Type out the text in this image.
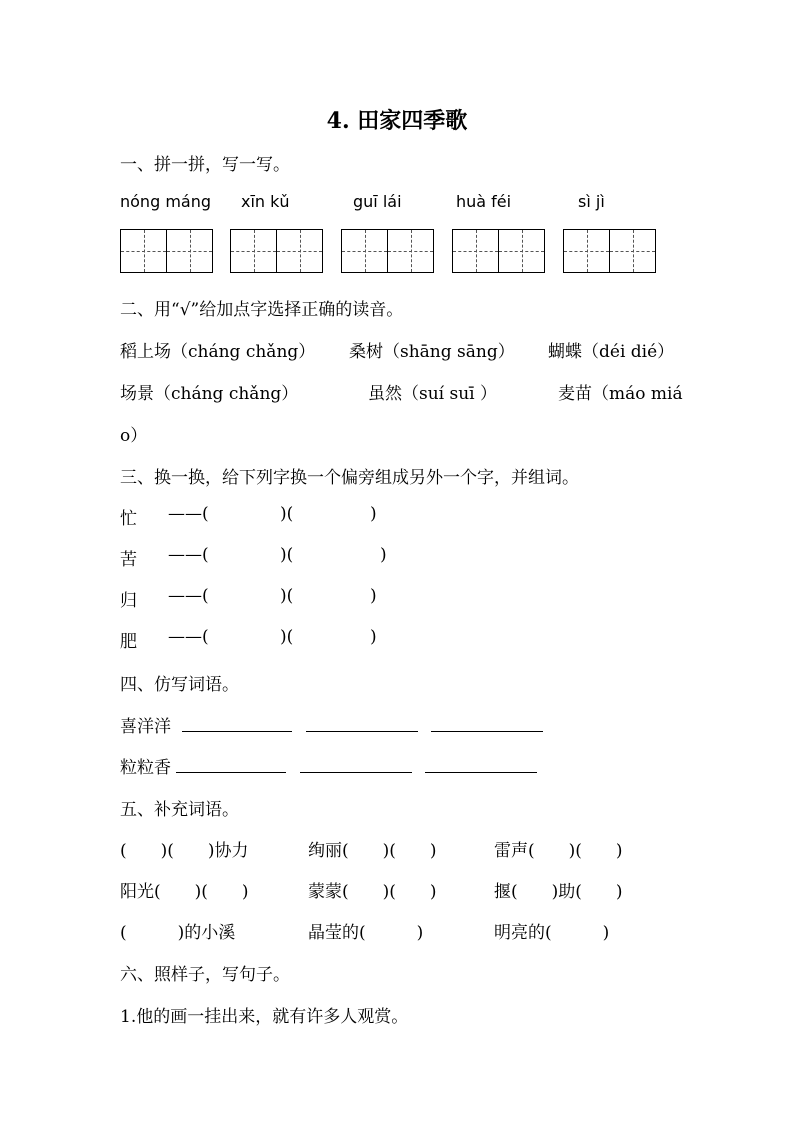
4. 田家四季歌
一、拼一拼，写一写。
nóng máng xīn kǔ	guī lái	huà féi	sì jì
二、用“√”给加点字选择正确的读音。
稻上场（cháng chǎng） 桑树（shāng sāng） 蝴蝶（déi dié）
场景（cháng chǎng）	虽然（suí suī ）	麦苗（máo miá
o）
三、换一换，给下列字换一个偏旁组成另外一个字，并组词。
忙 ——(	)(	)
苦 ——(	)(	)
归 ——(	)(	)
肥 ——(	)(	)
四、仿写词语。
喜洋洋
粒粒香
五、补充词语。
(　　)(　　)协力	绚丽(　　)(　　)	雷声(　　)(　　)
阳光(　　)(　　)	蒙蒙(　　)(　　)	揠(　　)助(　　)
(　　　)的小溪	晶莹的(　　　)	明亮的(　　　)
六、照样子，写句子。
1.他的画一挂出来，就有许多人观赏。
